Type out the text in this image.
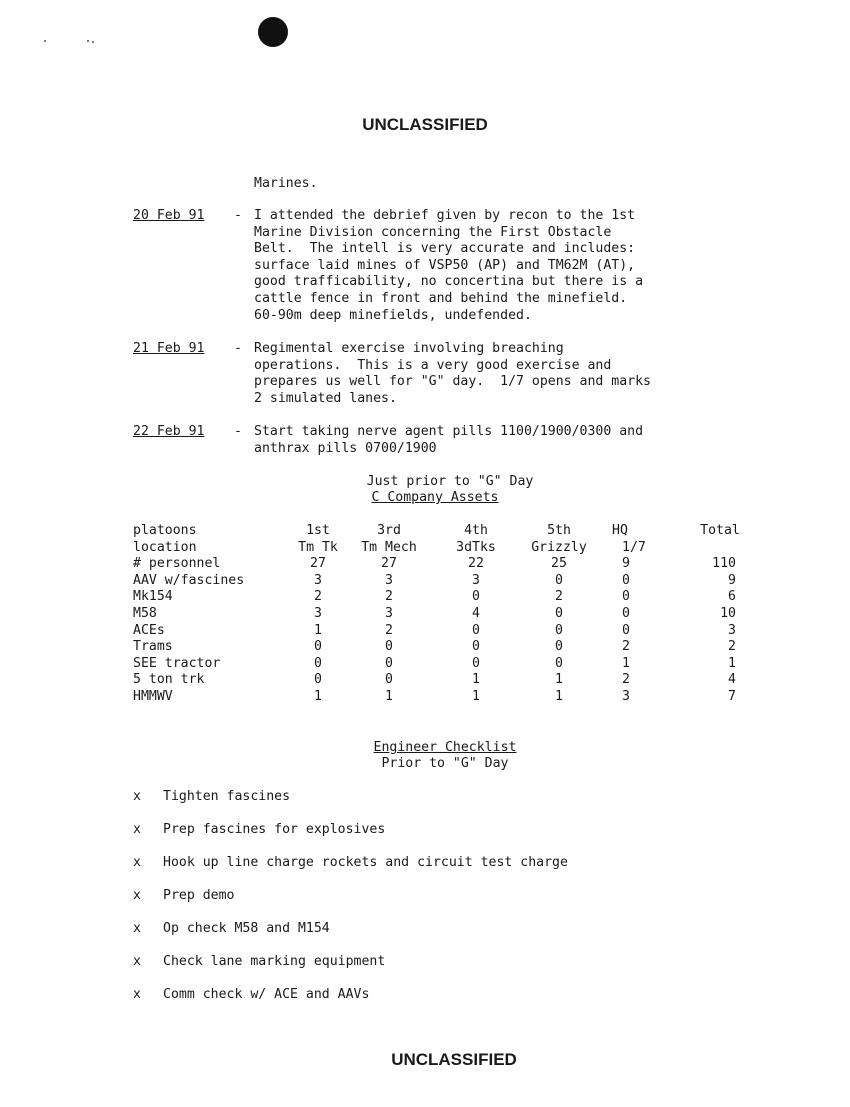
UNCLASSIFIED
Marines.
20 Feb 91 - I attended the debrief given by recon to the 1st
Marine Division concerning the First Obstacle
Belt.  The intell is very accurate and includes:
surface laid mines of VSP50 (AP) and TM62M (AT),
good trafficability, no concertina but there is a
cattle fence in front and behind the minefield.
60-90m deep minefields, undefended.
21 Feb 91 - Regimental exercise involving breaching
operations.  This is a very good exercise and
prepares us well for "G" day.  1/7 opens and marks
2 simulated lanes.
22 Feb 91 - Start taking nerve agent pills 1100/1900/0300 and
anthrax pills 0700/1900
Just prior to "G" Day
C Company Assets
platoons	1st	3rd	4th	5th	HQ	Total
location	Tm Tk	Tm Mech	3dTks	Grizzly	1/7
# personnel	27	27	22	25	9	110
AAV w/fascines	3	3	3	0	0	9
Mk154	2	2	0	2	0	6
M58	3	3	4	0	0	10
ACEs	1	2	0	0	0	3
Trams	0	0	0	0	2	2
SEE tractor	0	0	0	0	1	1
5 ton trk	0	0	1	1	2	4
HMMWV	1	1	1	1	3	7
Engineer Checklist
Prior to "G" Day
x Tighten fascines
x Prep fascines for explosives
x Hook up line charge rockets and circuit test charge
x Prep demo
x Op check M58 and M154
x Check lane marking equipment
x Comm check w/ ACE and AAVs
UNCLASSIFIED
